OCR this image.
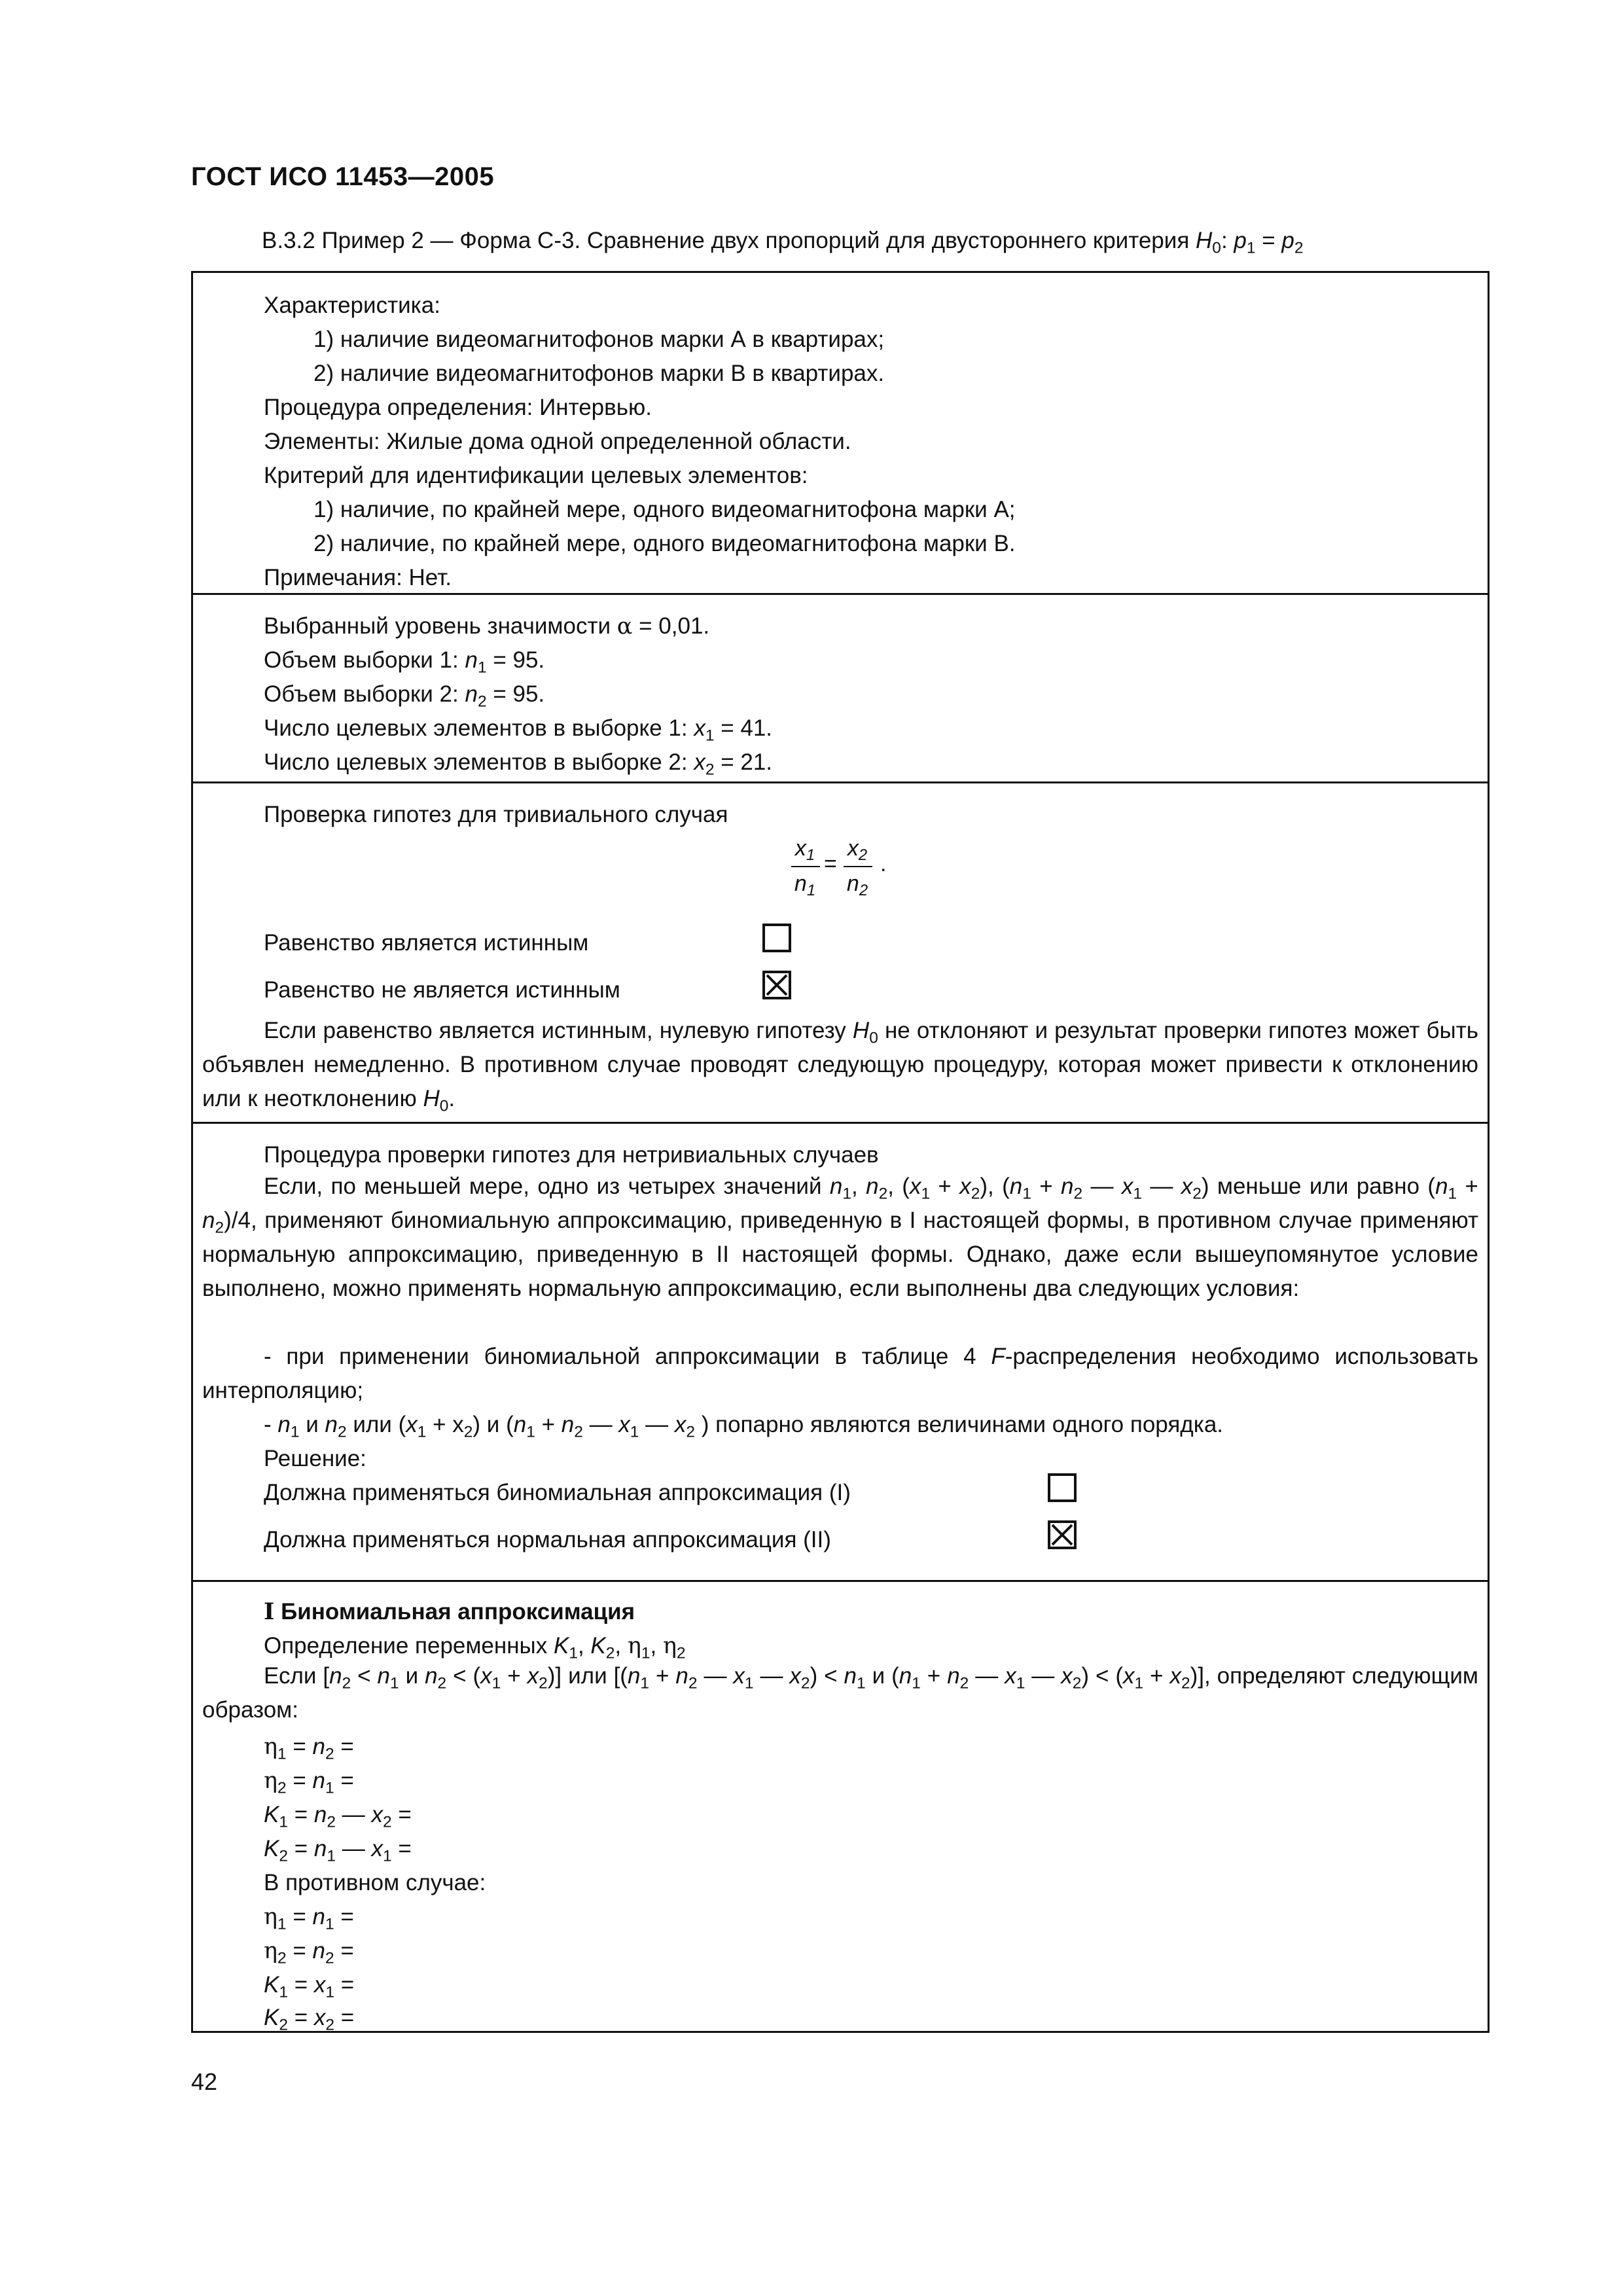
ГОСТ ИСО 11453—2005
В.3.2 Пример 2 — Форма С-3. Сравнение двух пропорций для двустороннего критерия $H_0$: $p_1 = p_2$
Характеристика:
1) наличие видеомагнитофонов марки А в квартирах;
2) наличие видеомагнитофонов марки В в квартирах.
Процедура определения: Интервью.
Элементы: Жилые дома одной определенной области.
Критерий для идентификации целевых элементов:
1) наличие, по крайней мере, одного видеомагнитофона марки А;
2) наличие, по крайней мере, одного видеомагнитофона марки В.
Примечания: Нет.
Выбранный уровень значимости α = 0,01.
Объем выборки 1: $n_1 = 95$.
Объем выборки 2: $n_2 = 95$.
Число целевых элементов в выборке 1: $x_1 = 41$.
Число целевых элементов в выборке 2: $x_2 = 21$.
Проверка гипотез для тривиального случая
$x_1$
$n_1$
=
$x_2$
$n_2$
.
Равенство является истинным
Равенство не является истинным
Если равенство является истинным, нулевую гипотезу $H_0$ не отклоняют и результат проверки гипотез может быть объявлен немедленно. В противном случае проводят следующую процедуру, которая может привести к отклонению или к неотклонению $H_0$.
Процедура проверки гипотез для нетривиальных случаев
Если, по меньшей мере, одно из четырех значений $n_1$, $n_2$, $(x_1 + x_2)$, ($n_1 + n_2$ — $x_1$ — $x_2$) меньше или равно $(n_1 + n_2)/4$, применяют биномиальную аппроксимацию, приведенную в I настоящей формы, в противном случае применяют нормальную аппроксимацию, приведенную в II настоящей формы. Однако, даже если вышеупомянутое условие выполнено, можно применять нормальную аппроксимацию, если выполнены два следующих условия:
- при применении биномиальной аппроксимации в таблице 4 F-распределения необходимо использовать интерполяцию;
- $n_1$ и $n_2$ или $(x_1 + x_2)$ и ($n_1 + n_2$ — $x_1$ — $x_2$ ) попарно являются величинами одного порядка.
Решение:
Должна применяться биномиальная аппроксимация (I)
Должна применяться нормальная аппроксимация (II)
I Биномиальная аппроксимация
Определение переменных $K_1$, $K_2$, $\eta_1$, $\eta_2$
Если [$n_2 < n_1$ и $n_2 < (x_1 + x_2)$] или [($n_1 + n_2$ — $x_1$ — $x_2) < n_1$ и ($n_1 + n_2$ — $x_1$ — $x_2) < (x_1 + x_2)$], определяют следующим образом:
$\eta_1 = n_2$ =
$\eta_2 = n_1$ =
$K_1 = n_2$ — $x_2$ =
$K_2 = n_1$ — $x_1$ =
В противном случае:
$\eta_1 = n_1$ =
$\eta_2 = n_2$ =
$K_1 = x_1$ =
$K_2 = x_2$ =
42
